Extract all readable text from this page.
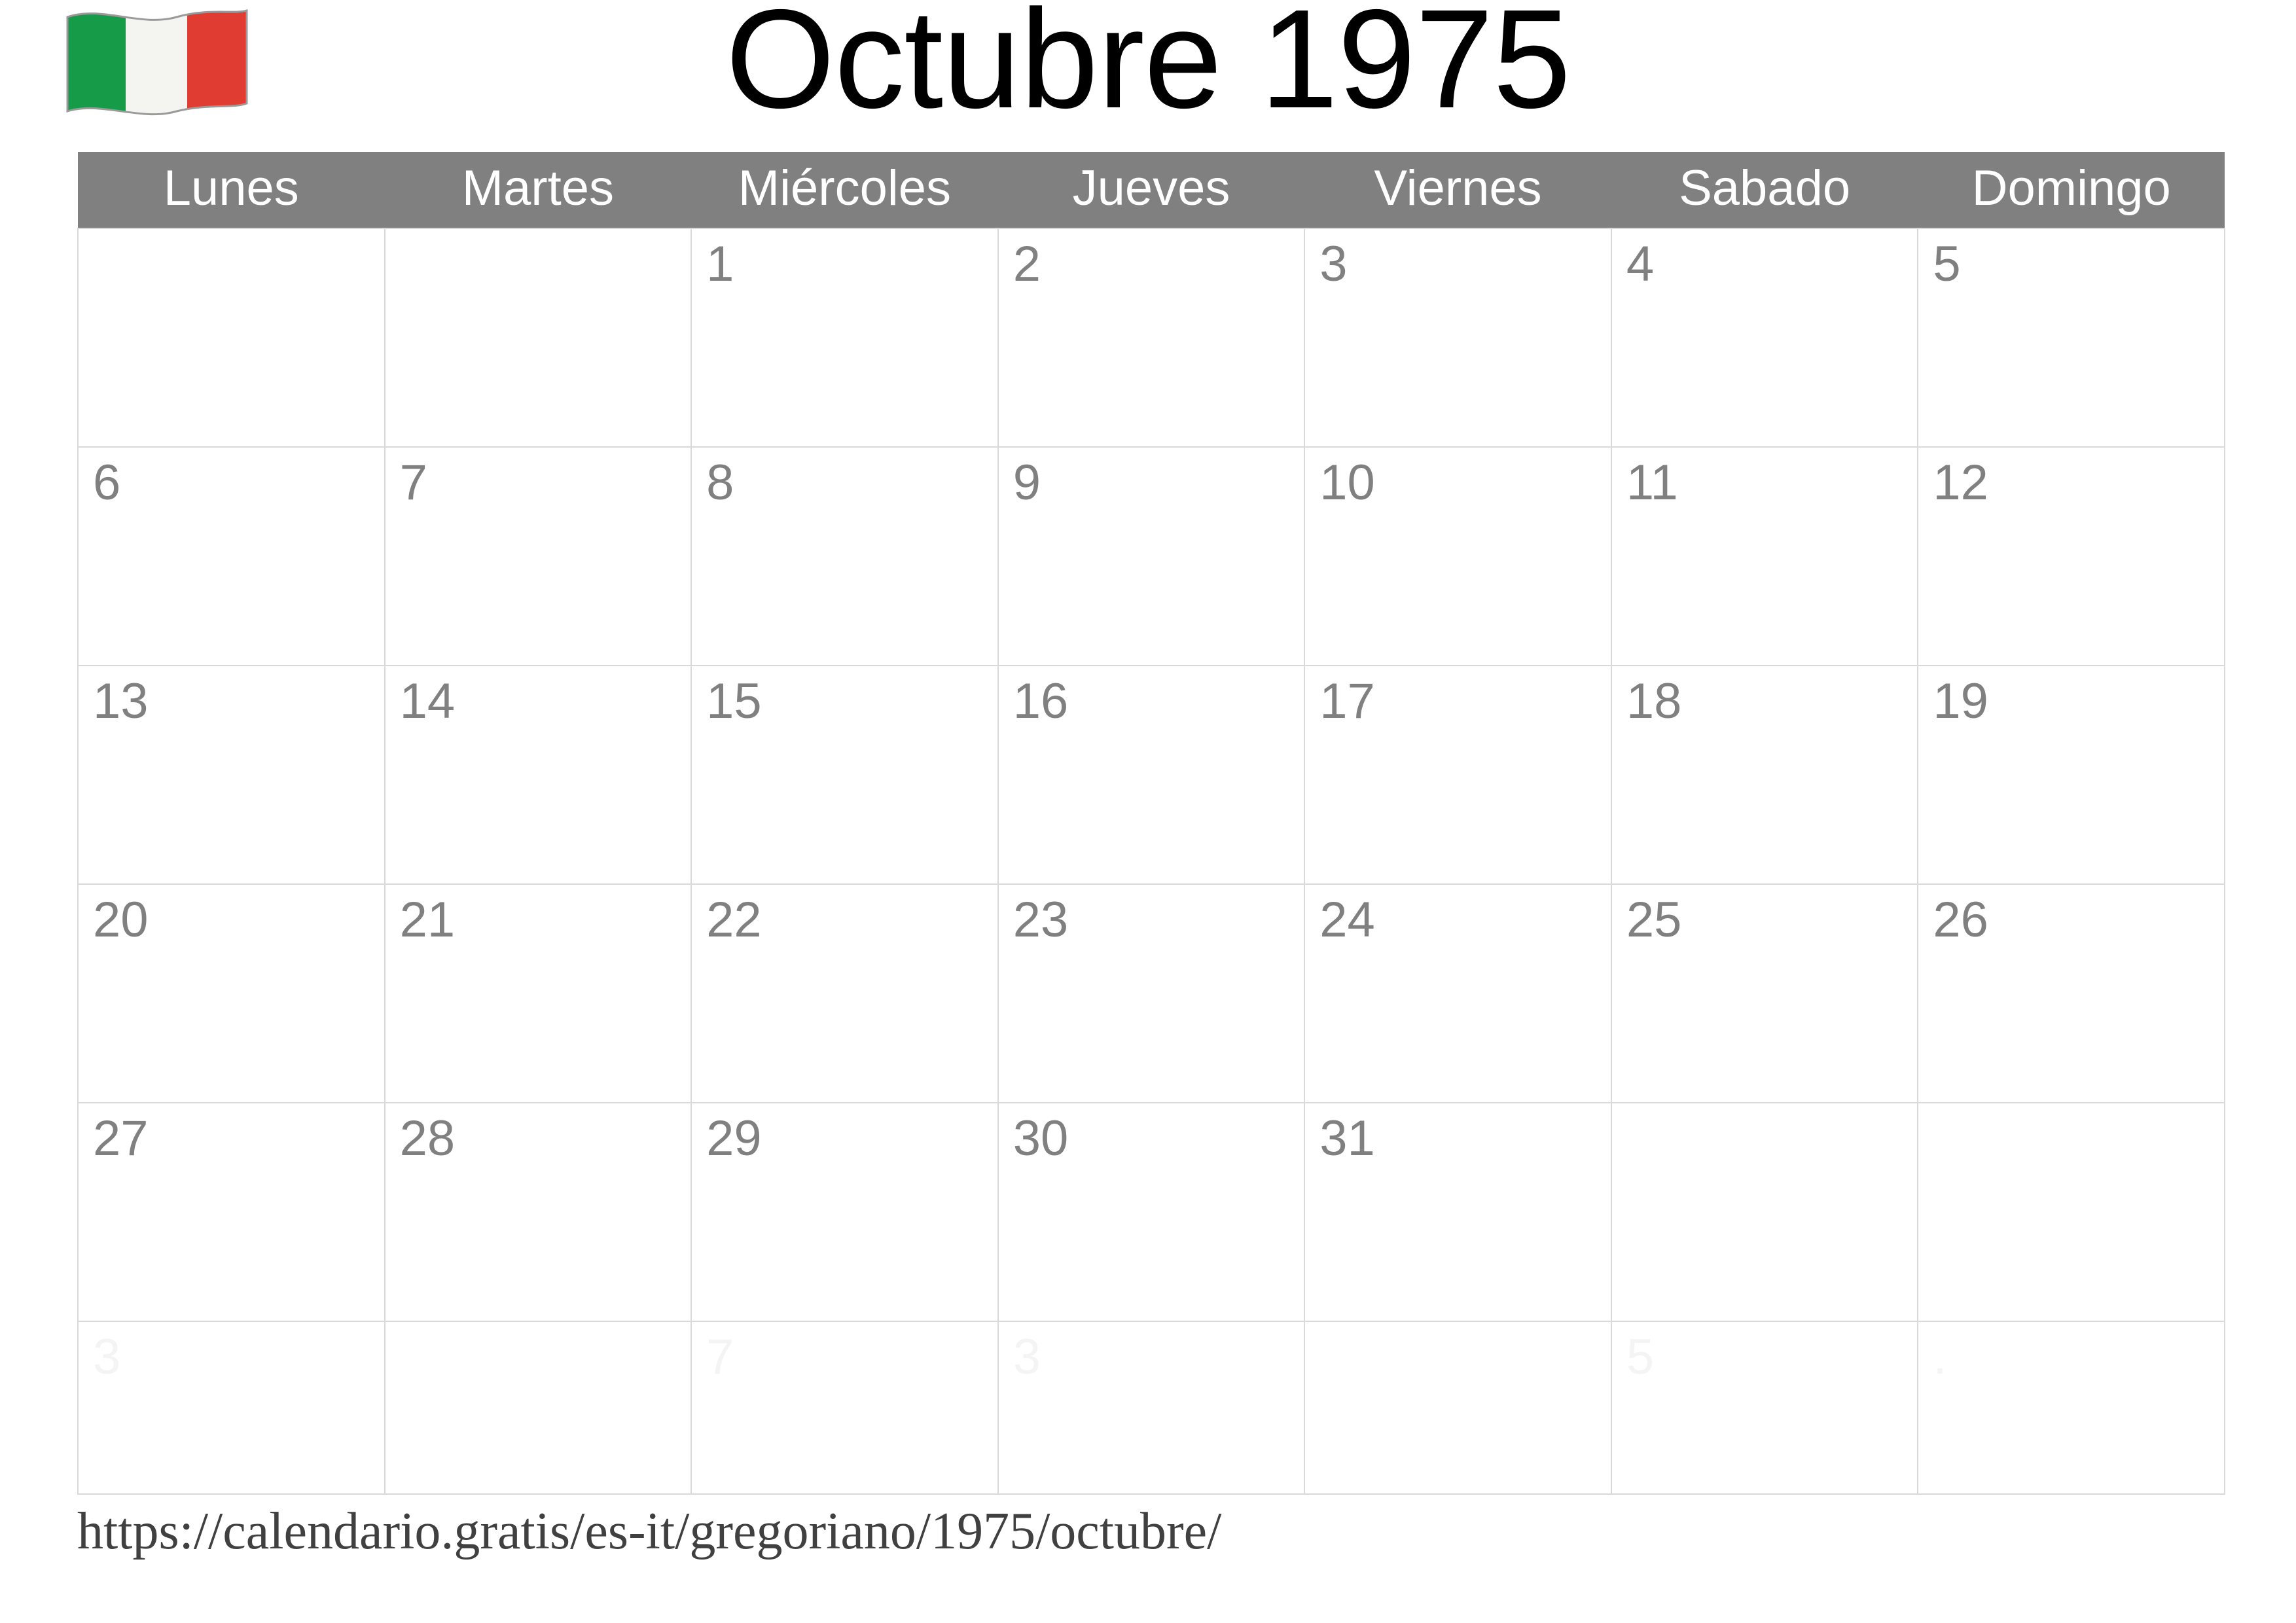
Octubre 1975
Lunes	Martes	Miércoles	Jueves	Viernes	Sabado	Domingo

		1	2	3	4	5

6	7	8	9	10	11	12

13	14	15	16	17	18	19

20	21	22	23	24	25	26

27	28	29	30	31		

3		7	3		5	.
https://calendario.gratis/es-it/gregoriano/1975/octubre/
